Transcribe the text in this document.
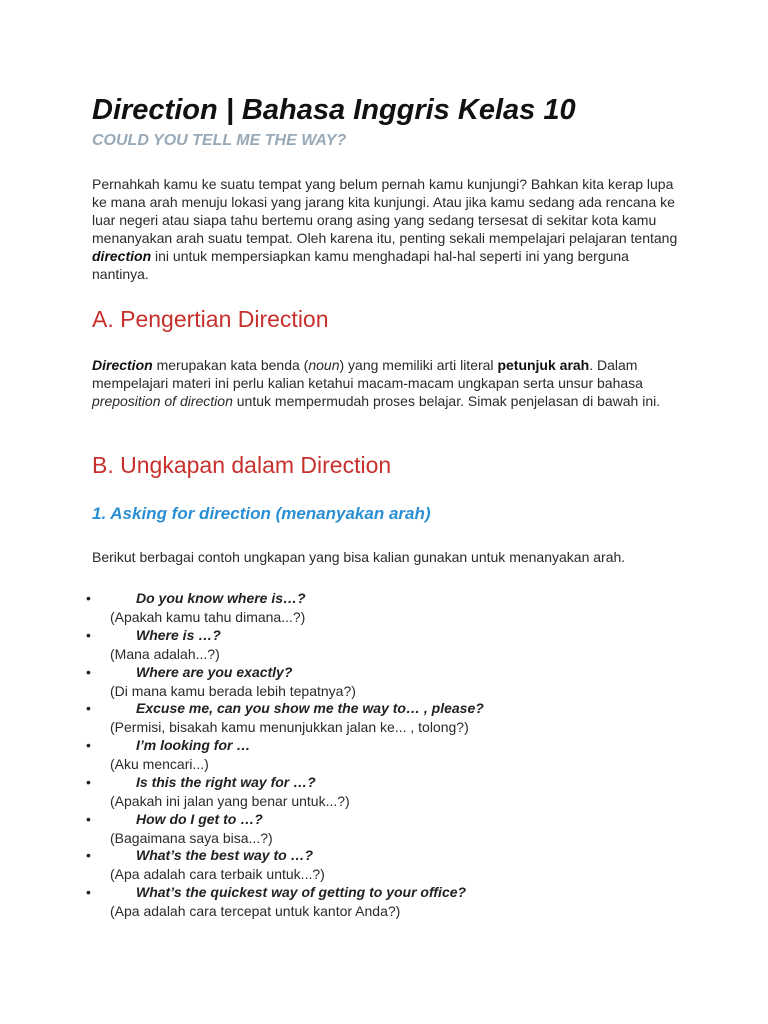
Direction | Bahasa Inggris Kelas 10
COULD YOU TELL ME THE WAY?

Pernahkah kamu ke suatu tempat yang belum pernah kamu kunjungi? Bahkan kita kerap lupa ke mana arah menuju lokasi yang jarang kita kunjungi. Atau jika kamu sedang ada rencana ke luar negeri atau siapa tahu bertemu orang asing yang sedang tersesat di sekitar kota kamu menanyakan arah suatu tempat. Oleh karena itu, penting sekali mempelajari pelajaran tentang direction ini untuk mempersiapkan kamu menghadapi hal-hal seperti ini yang berguna nantinya.

A. Pengertian Direction

Direction merupakan kata benda (noun) yang memiliki arti literal petunjuk arah. Dalam mempelajari materi ini perlu kalian ketahui macam-macam ungkapan serta unsur bahasa preposition of direction untuk mempermudah proses belajar. Simak penjelasan di bawah ini.

B. Ungkapan dalam Direction
1. Asking for direction (menanyakan arah)

Berikut berbagai contoh ungkapan yang bisa kalian gunakan untuk menanyakan arah.

•	Do you know where is…?
(Apakah kamu tahu dimana...?)
•	Where is …?
(Mana adalah...?)
•	Where are you exactly?
(Di mana kamu berada lebih tepatnya?)
•	Excuse me, can you show me the way to… , please?
(Permisi, bisakah kamu menunjukkan jalan ke... , tolong?)
•	I’m looking for …
(Aku mencari...)
•	Is this the right way for …?
(Apakah ini jalan yang benar untuk...?)
•	How do I get to …?
(Bagaimana saya bisa...?)
•	What’s the best way to …?
(Apa adalah cara terbaik untuk...?)
•	What’s the quickest way of getting to your office?
(Apa adalah cara tercepat untuk kantor Anda?)
